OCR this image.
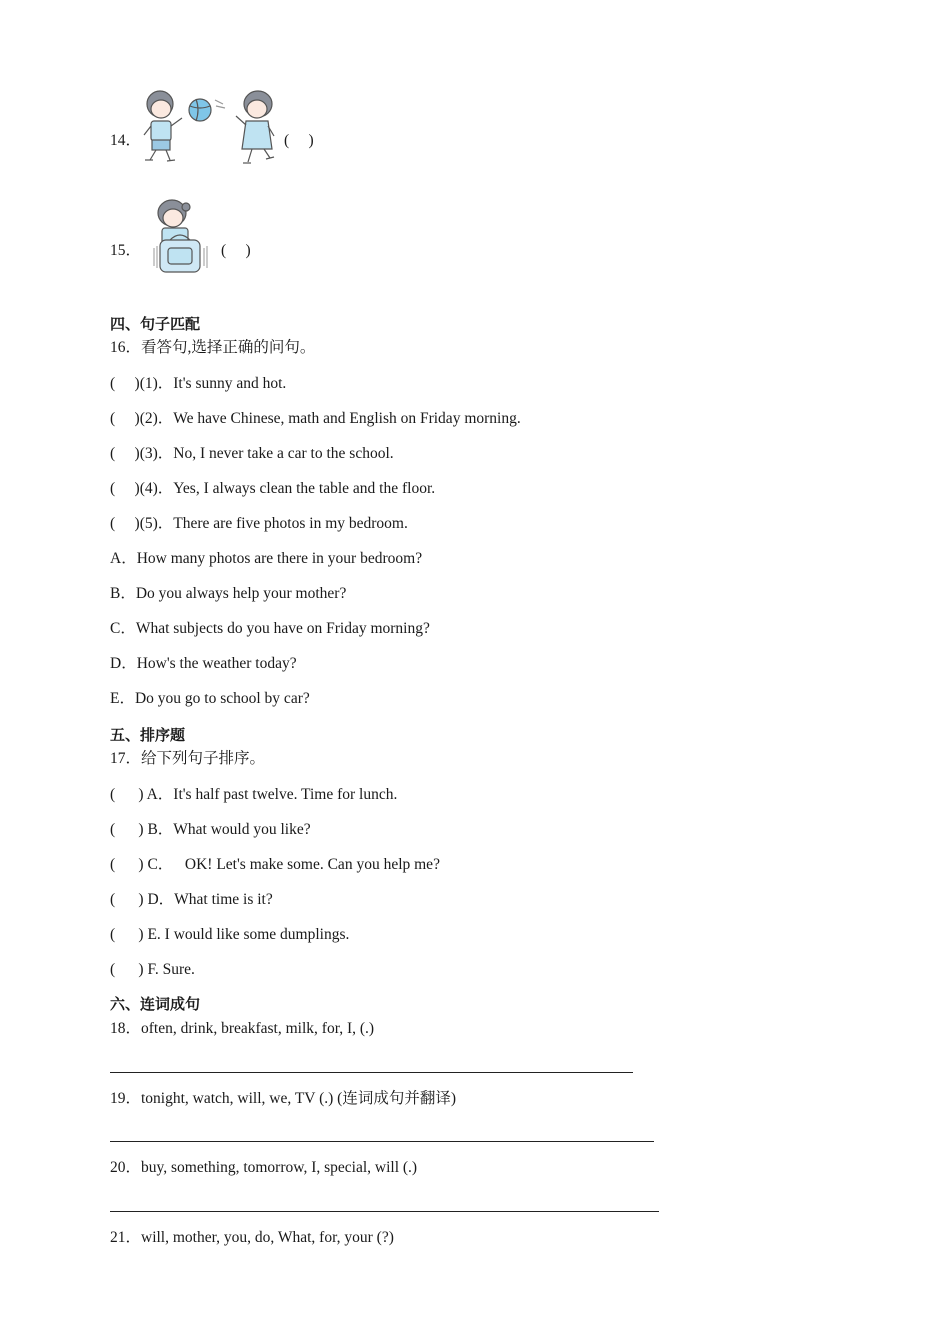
14．	(     )
15．	(     )
四、句子匹配
16．看答句,选择正确的问句。
(     )(1)．It's sunny and hot.
(     )(2)．We have Chinese, math and English on Friday morning.
(     )(3)．No, I never take a car to the school.
(     )(4)．Yes, I always clean the table and the floor.
(     )(5)．There are five photos in my bedroom.
A．How many photos are there in your bedroom?
B．Do you always help your mother?
C．What subjects do you have on Friday morning?
D．How's the weather today?
E．Do you go to school by car?
五、排序题
17．给下列句子排序。
(      ) A．It's half past twelve. Time for lunch.
(      ) B．What would you like?
(      ) C．   OK! Let's make some. Can you help me?
(      ) D．What time is it?
(      ) E. I would like some dumplings.
(      ) F. Sure.
六、连词成句
18．often, drink, breakfast, milk, for, I, (.)
19．tonight, watch, will, we, TV (.) (连词成句并翻译)
20．buy, something, tomorrow, I, special, will (.)
21．will, mother, you, do, What, for, your (?)
